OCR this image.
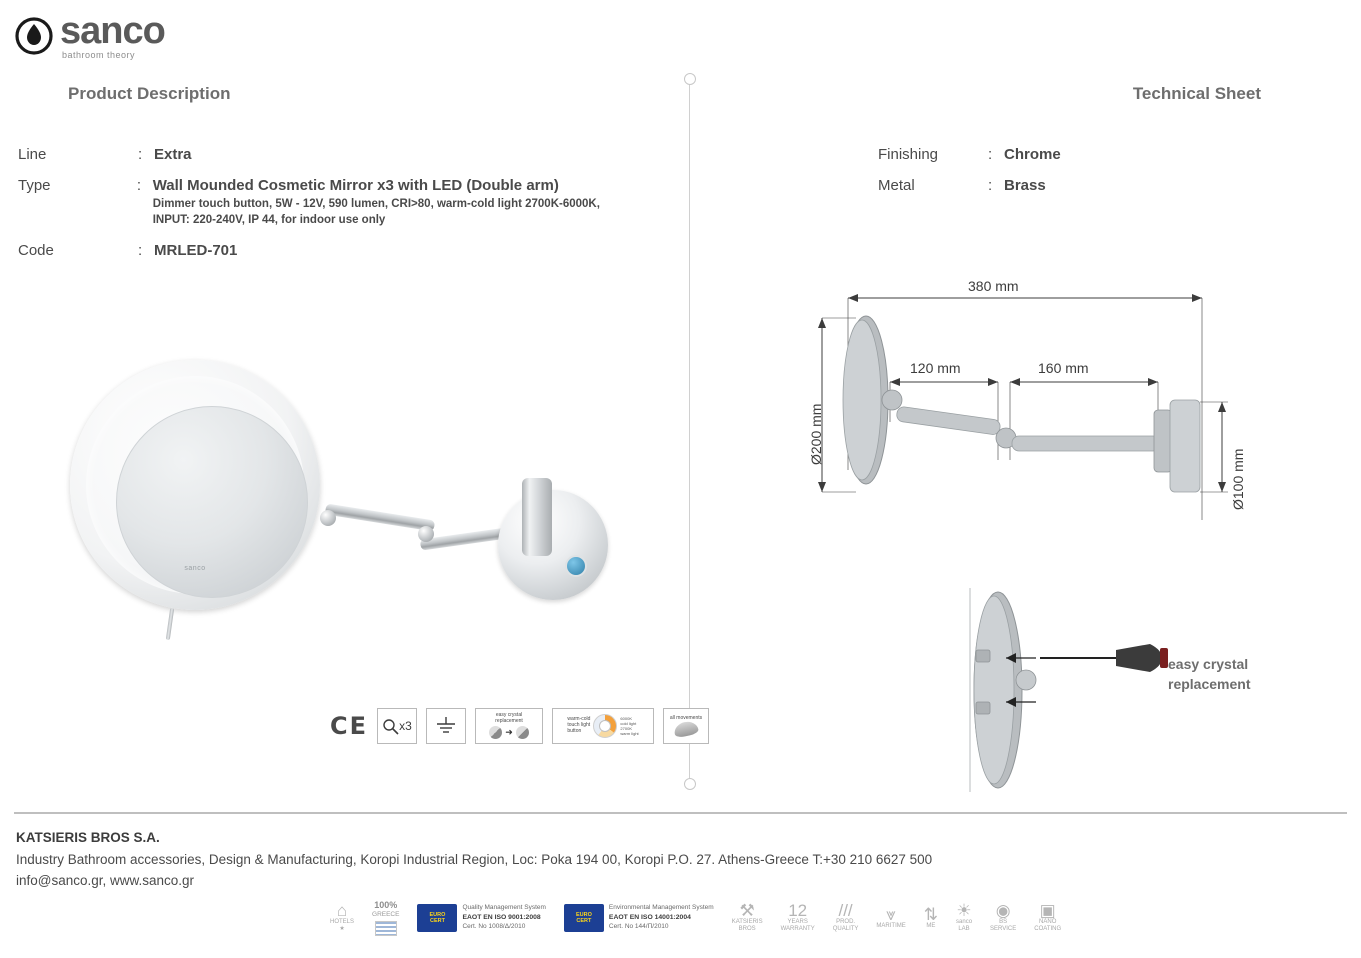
sanco
bathroom theory
Product Description	Technical Sheet
Line	: Extra
Type	: Wall Mounded Cosmetic Mirror x3 with LED (Double arm)
Dimmer touch button, 5W - 12V, 590 lumen, CRI>80, warm-cold light 2700K-6000K, INPUT: 220-240V, IP 44, for indoor use only
Code	: MRLED-701
Finishing	: Chrome
Metal	: Brass
sanco
CE	x3
easy crystal
replacement
➜
warm-cold
touch light
button
6000K
cold light
2700K
warm light
all movements
380 mm
120 mm	160 mm
Ø200 mm
Ø100 mm
easy crystal
replacement
KATSIERIS BROS S.A.
Industry Bathroom accessories, Design & Manufacturing, Koropi Industrial Region, Loc: Poka 194 00, Koropi P.O. 27. Athens-Greece T:+30 210 6627 500
info@sanco.gr, www.sanco.gr
⌂
HOTELS
★
100%
GREECE	EURO
CERT
Quality Management System
EAOT EN ISO 9001:2008
Cert. No 1008/Δ/2010
EURO
CERT
Environmental Management System
EAOT EN ISO 14001:2004
Cert. No 144/Π/2010
⚒
KATSIERIS
BROS
12
YEARS
WARRANTY
///
PROD.
QUALITY
⩔
MARITIME
⇅
ME
☀
sanco
LAB
◉
BS
SERVICE
▣
NANO
COATING
